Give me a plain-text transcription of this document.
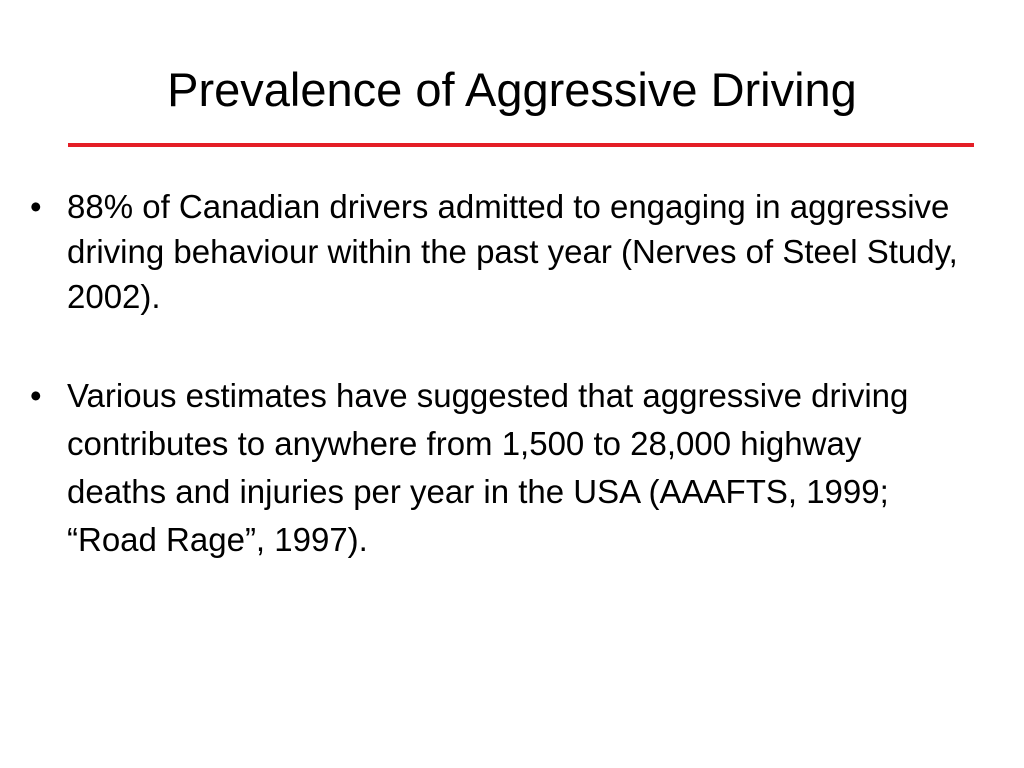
Prevalence of Aggressive Driving
• 88% of Canadian drivers admitted to engaging in aggressive driving behaviour within the past year (Nerves of Steel Study, 2002).
• Various estimates have suggested that aggressive driving contributes to anywhere from 1,500 to 28,000 highway deaths and injuries per year in the USA (AAAFTS, 1999; “Road Rage”, 1997).
